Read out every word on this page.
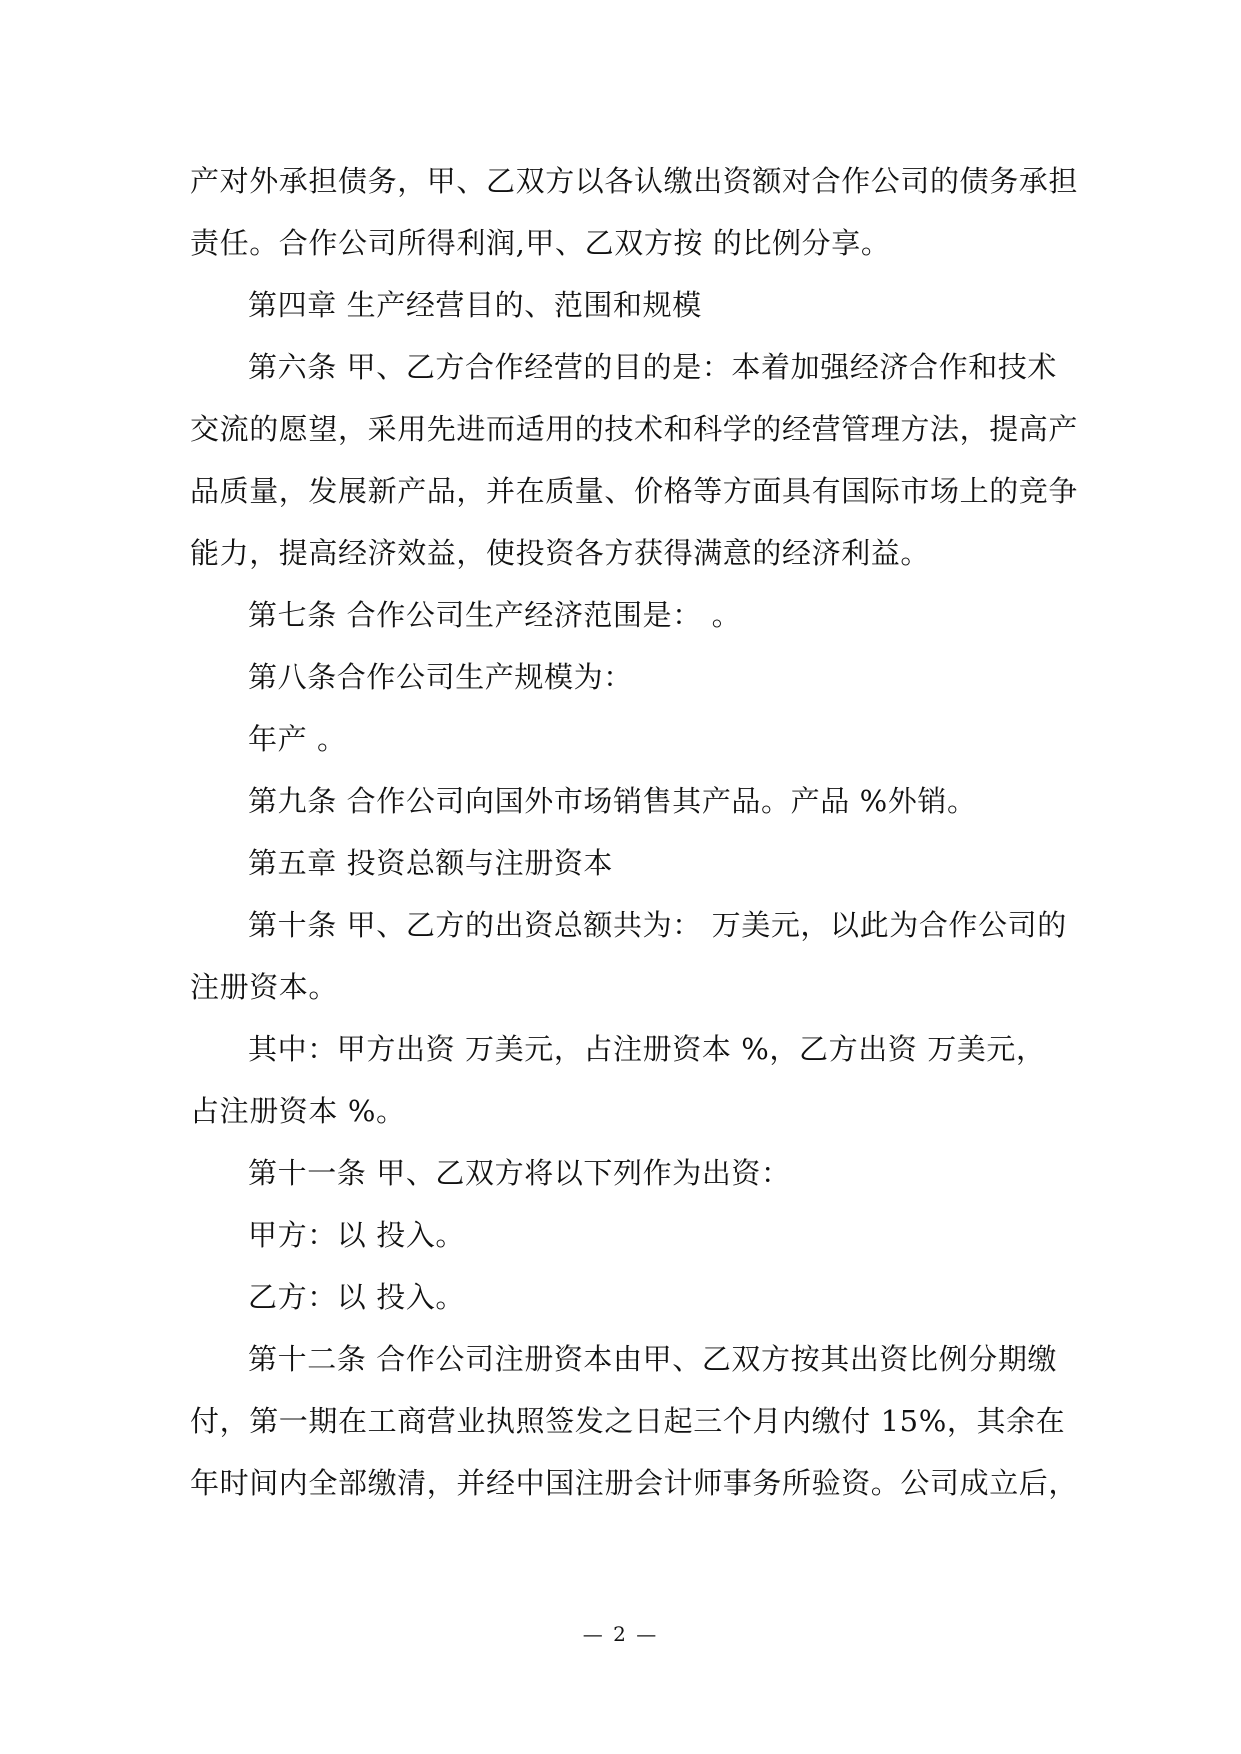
产对外承担债务，甲、乙双方以各认缴出资额对合作公司的债务承担
责任。合作公司所得利润,甲、乙双方按 的比例分享。
第四章 生产经营目的、范围和规模
第六条 甲、乙方合作经营的目的是：本着加强经济合作和技术
交流的愿望，采用先进而适用的技术和科学的经营管理方法，提高产
品质量，发展新产品，并在质量、价格等方面具有国际市场上的竞争
能力，提高经济效益，使投资各方获得满意的经济利益。
第七条 合作公司生产经济范围是： 。
第八条合作公司生产规模为：
年产 。
第九条 合作公司向国外市场销售其产品。产品 %外销。
第五章 投资总额与注册资本
第十条 甲、乙方的出资总额共为： 万美元，以此为合作公司的
注册资本。
其中：甲方出资 万美元，占注册资本 %，乙方出资 万美元，
占注册资本 %。
第十一条 甲、乙双方将以下列作为出资：
甲方：以 投入。
乙方：以 投入。
第十二条 合作公司注册资本由甲、乙双方按其出资比例分期缴
付，第一期在工商营业执照签发之日起三个月内缴付 15%，其余在
年时间内全部缴清，并经中国注册会计师事务所验资。公司成立后，
— 2 —
